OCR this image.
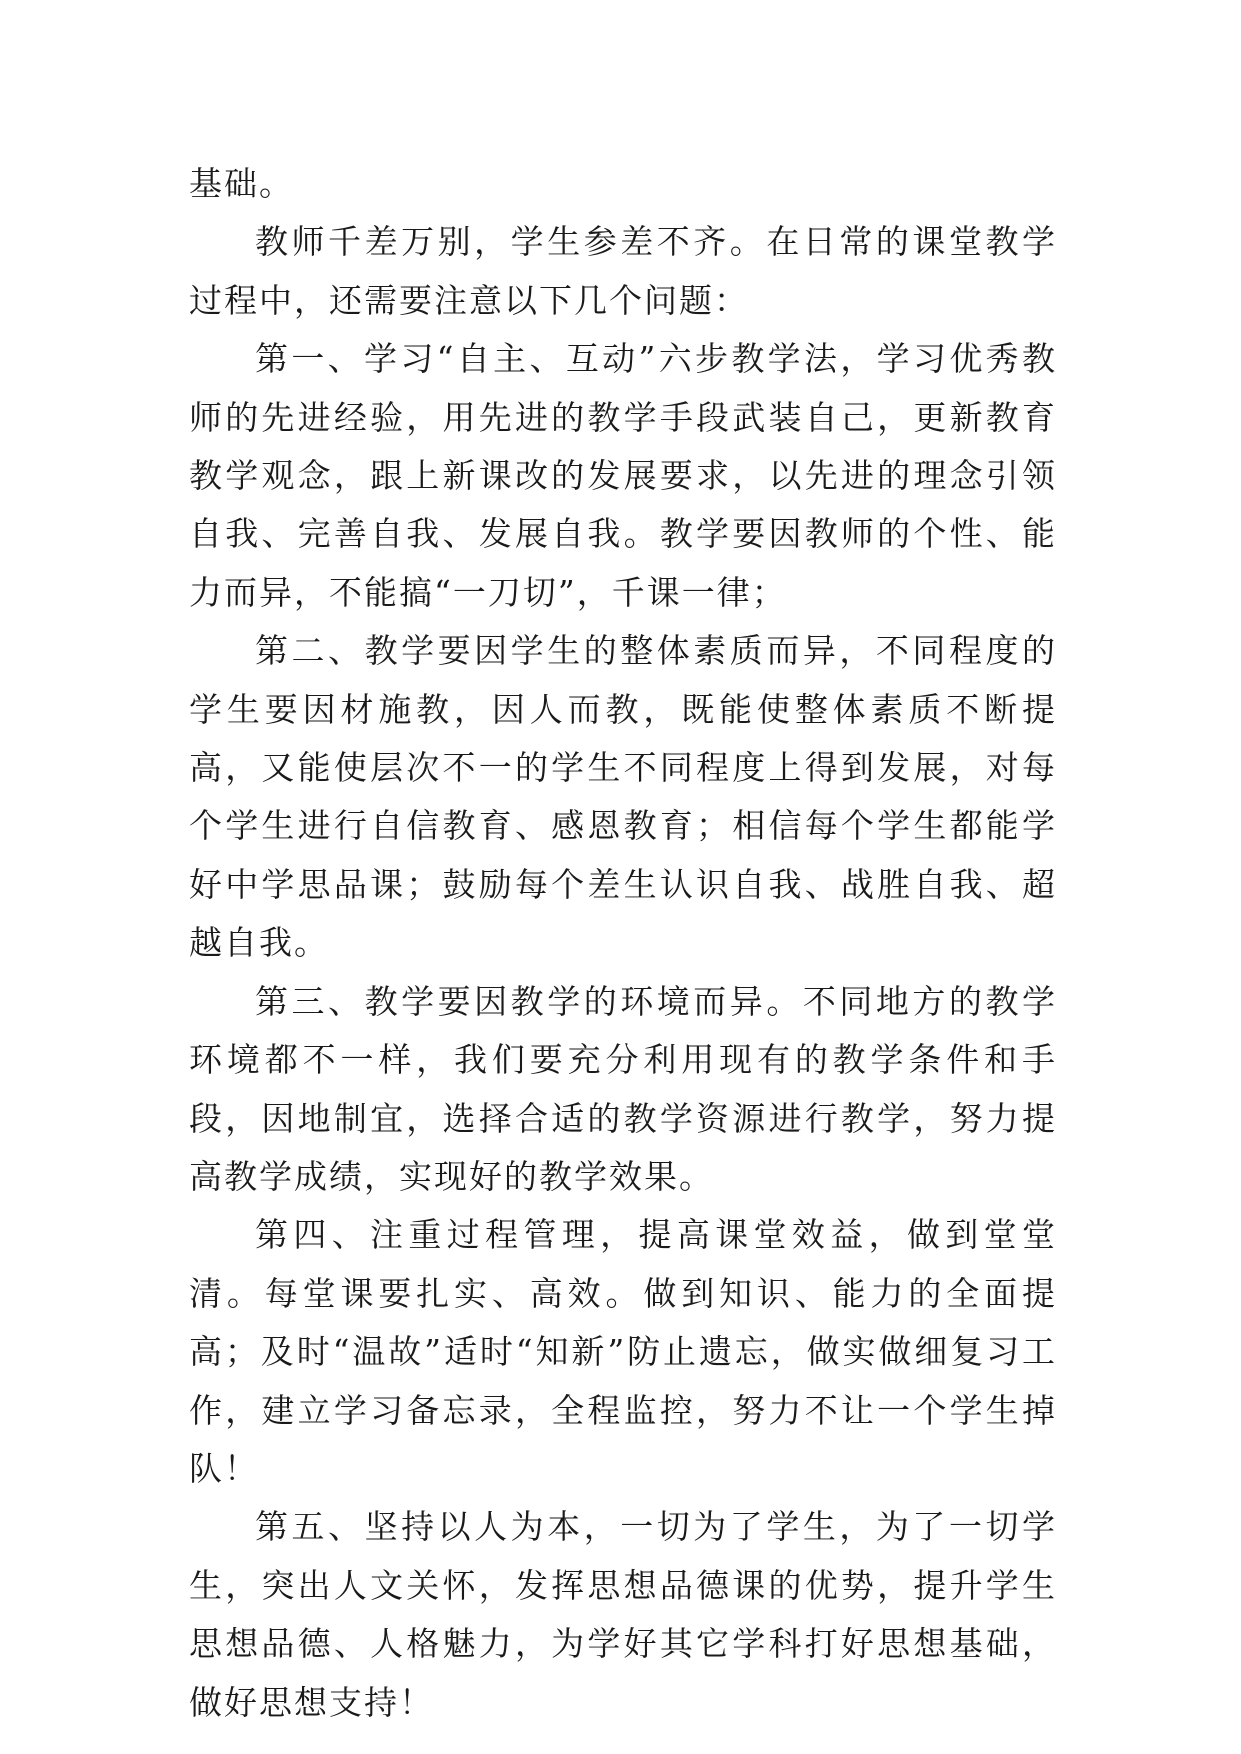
基础。

教师千差万别，学生参差不齐。在日常的课堂教学过程中，还需要注意以下几个问题：

第一、学习“自主、互动”六步教学法，学习优秀教师的先进经验，用先进的教学手段武装自己，更新教育教学观念，跟上新课改的发展要求，以先进的理念引领自我、完善自我、发展自我。教学要因教师的个性、能力而异，不能搞“一刀切”，千课一律；

第二、教学要因学生的整体素质而异，不同程度的学生要因材施教，因人而教，既能使整体素质不断提高，又能使层次不一的学生不同程度上得到发展，对每个学生进行自信教育、感恩教育；相信每个学生都能学好中学思品课；鼓励每个差生认识自我、战胜自我、超越自我。

第三、教学要因教学的环境而异。不同地方的教学环境都不一样，我们要充分利用现有的教学条件和手段，因地制宜，选择合适的教学资源进行教学，努力提高教学成绩，实现好的教学效果。

第四、注重过程管理，提高课堂效益，做到堂堂清。每堂课要扎实、高效。做到知识、能力的全面提高；及时“温故”适时“知新”防止遗忘，做实做细复习工作，建立学习备忘录，全程监控，努力不让一个学生掉队！

第五、坚持以人为本，一切为了学生，为了一切学生，突出人文关怀，发挥思想品德课的优势，提升学生思想品德、人格魅力，为学好其它学科打好思想基础，做好思想支持！
